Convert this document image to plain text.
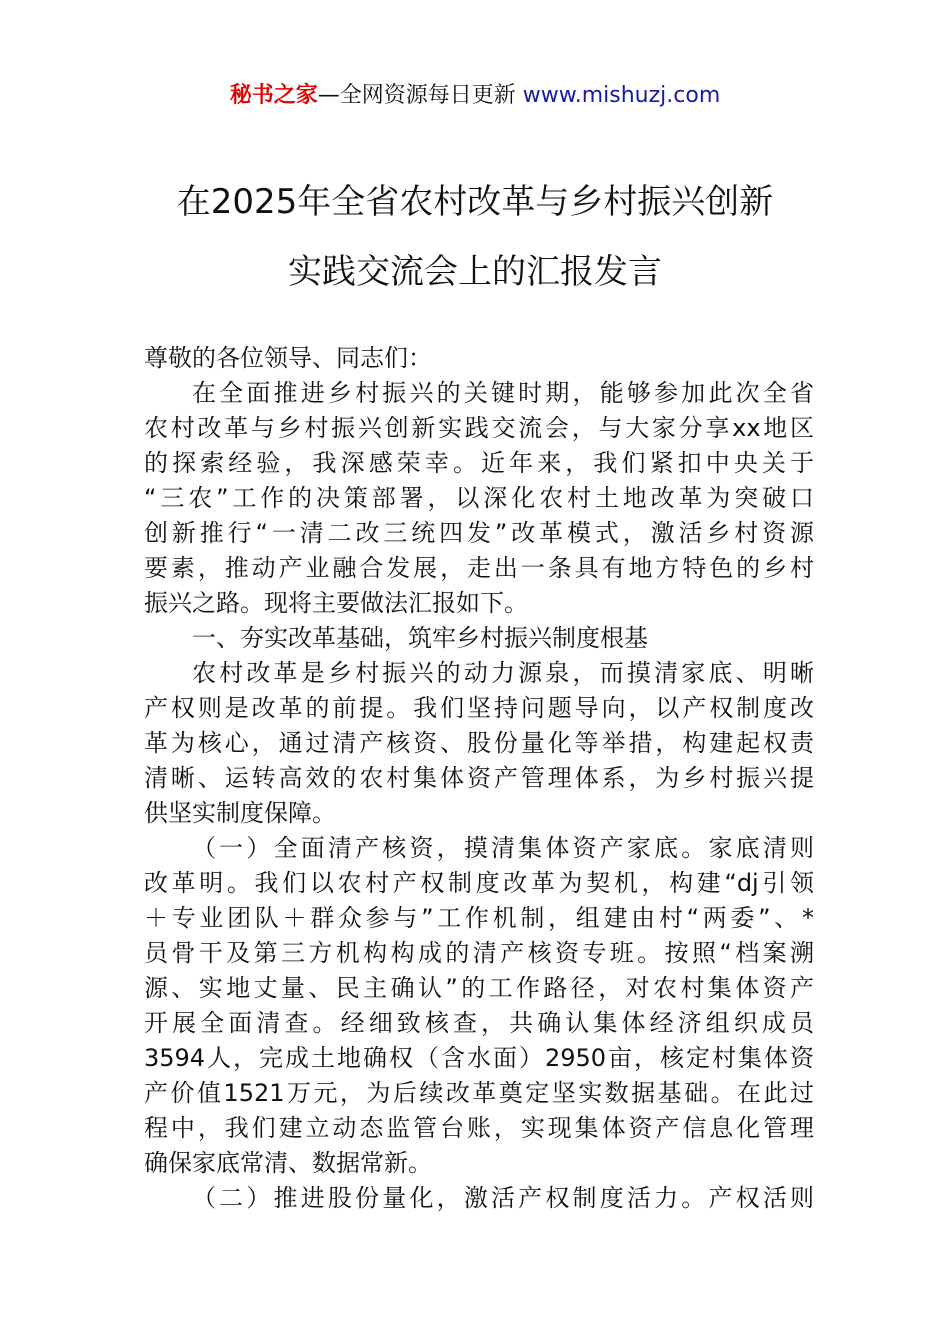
秘书之家—全网资源每日更新 www.mishuzj.com
在2025年全省农村改革与乡村振兴创新
实践交流会上的汇报发言
尊敬的各位领导、同志们：
在全面推进乡村振兴的关键时期，能够参加此次全省
农村改革与乡村振兴创新实践交流会，与大家分享xx地区
的探索经验，我深感荣幸。近年来，我们紧扣中央关于
“三农”工作的决策部署，以深化农村土地改革为突破口
创新推行“一清二改三统四发”改革模式，激活乡村资源
要素，推动产业融合发展，走出一条具有地方特色的乡村
振兴之路。现将主要做法汇报如下。
一、夯实改革基础，筑牢乡村振兴制度根基
农村改革是乡村振兴的动力源泉，而摸清家底、明晰
产权则是改革的前提。我们坚持问题导向，以产权制度改
革为核心，通过清产核资、股份量化等举措，构建起权责
清晰、运转高效的农村集体资产管理体系，为乡村振兴提
供坚实制度保障。
（一）全面清产核资，摸清集体资产家底。家底清则
改革明。我们以农村产权制度改革为契机，构建“dj引领
＋专业团队＋群众参与”工作机制，组建由村“两委”、*
员骨干及第三方机构构成的清产核资专班。按照“档案溯
源、实地丈量、民主确认”的工作路径，对农村集体资产
开展全面清查。经细致核查，共确认集体经济组织成员
3594人，完成土地确权（含水面）2950亩，核定村集体资
产价值1521万元，为后续改革奠定坚实数据基础。在此过
程中，我们建立动态监管台账，实现集体资产信息化管理
确保家底常清、数据常新。
（二）推进股份量化，激活产权制度活力。产权活则
